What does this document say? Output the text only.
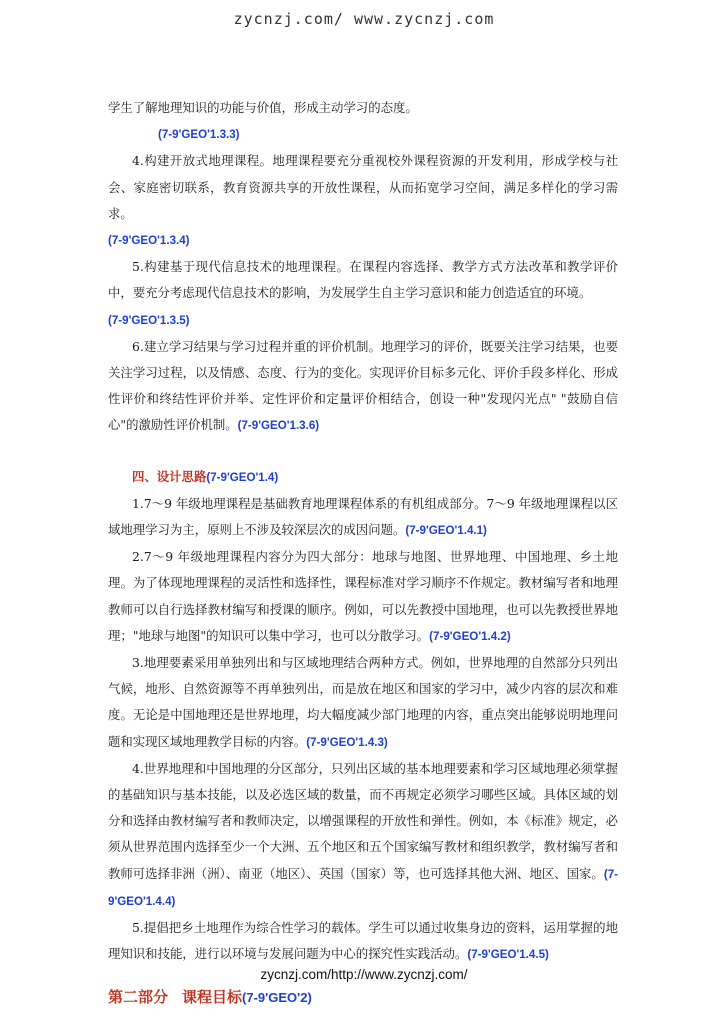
zycnzj.com/ www.zycnzj.com

学生了解地理知识的功能与价值，形成主动学习的态度。

(7-9'GEO'1.3.3)

4.构建开放式地理课程。地理课程要充分重视校外课程资源的开发利用，形成学校与社会、家庭密切联系，教育资源共享的开放性课程，从而拓宽学习空间，满足多样化的学习需求。

(7-9'GEO'1.3.4)

5.构建基于现代信息技术的地理课程。在课程内容选择、教学方式方法改革和教学评价中，要充分考虑现代信息技术的影响，为发展学生自主学习意识和能力创造适宜的环境。

(7-9'GEO'1.3.5)

6.建立学习结果与学习过程并重的评价机制。地理学习的评价，既要关注学习结果，也要关注学习过程，以及情感、态度、行为的变化。实现评价目标多元化、评价手段多样化、形成性评价和终结性评价并举、定性评价和定量评价相结合，创设一种"发现闪光点" "鼓励自信心"的激励性评价机制。(7-9'GEO'1.3.6)

四、设计思路(7-9'GEO'1.4)

1.7～9 年级地理课程是基础教育地理课程体系的有机组成部分。7～9 年级地理课程以区域地理学习为主，原则上不涉及较深层次的成因问题。(7-9'GEO'1.4.1)

2.7～9 年级地理课程内容分为四大部分：地球与地图、世界地理、中国地理、乡土地理。为了体现地理课程的灵活性和选择性，课程标准对学习顺序不作规定。教材编写者和地理教师可以自行选择教材编写和授课的顺序。例如，可以先教授中国地理，也可以先教授世界地理；"地球与地图"的知识可以集中学习，也可以分散学习。(7-9'GEO'1.4.2)

3.地理要素采用单独列出和与区域地理结合两种方式。例如，世界地理的自然部分只列出气候，地形、自然资源等不再单独列出，而是放在地区和国家的学习中，减少内容的层次和难度。无论是中国地理还是世界地理，均大幅度减少部门地理的内容，重点突出能够说明地理问题和实现区域地理教学目标的内容。(7-9'GEO'1.4.3)

4.世界地理和中国地理的分区部分，只列出区域的基本地理要素和学习区域地理必须掌握的基础知识与基本技能，以及必选区域的数量，而不再规定必须学习哪些区域。具体区域的划分和选择由教材编写者和教师决定，以增强课程的开放性和弹性。例如，本《标准》规定，必须从世界范围内选择至少一个大洲、五个地区和五个国家编写教材和组织教学，教材编写者和教师可选择非洲（洲）、南亚（地区）、英国（国家）等，也可选择其他大洲、地区、国家。(7-9'GEO'1.4.4)

5.提倡把乡土地理作为综合性学习的载体。学生可以通过收集身边的资料，运用掌握的地理知识和技能，进行以环境与发展问题为中心的探究性实践活动。(7-9'GEO'1.4.5)

第二部分 课程目标(7-9'GEO'2)

zycnzj.com/http://www.zycnzj.com/
